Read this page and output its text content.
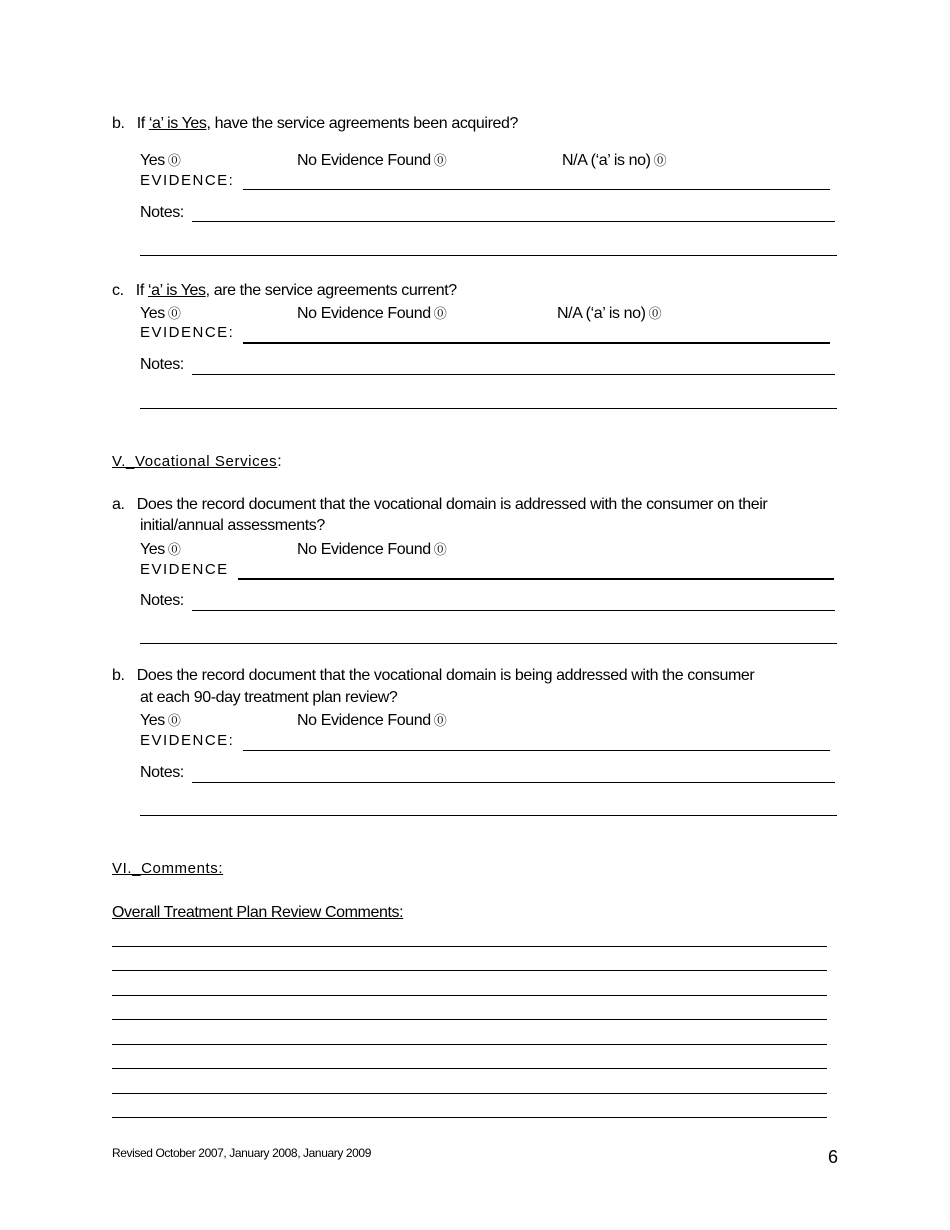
b. If ‘a’ is Yes, have the service agreements been acquired?
Yes ⓪	No Evidence Found ⓪	N/A (‘a’ is no) ⓪
EVIDENCE:
Notes:
c. If ‘a’ is Yes, are the service agreements current?
Yes ⓪	No Evidence Found ⓪	N/A (‘a’ is no) ⓪
EVIDENCE:
Notes:
V._Vocational Services:
a. Does the record document that the vocational domain is addressed with the consumer on their
initial/annual assessments?
Yes ⓪	No Evidence Found ⓪
EVIDENCE
Notes:
b. Does the record document that the vocational domain is being addressed with the consumer
at each 90-day treatment plan review?
Yes ⓪	No Evidence Found ⓪
EVIDENCE:
Notes:
VI._Comments:
Overall Treatment Plan Review Comments:
Revised October 2007, January 2008, January 2009	6
